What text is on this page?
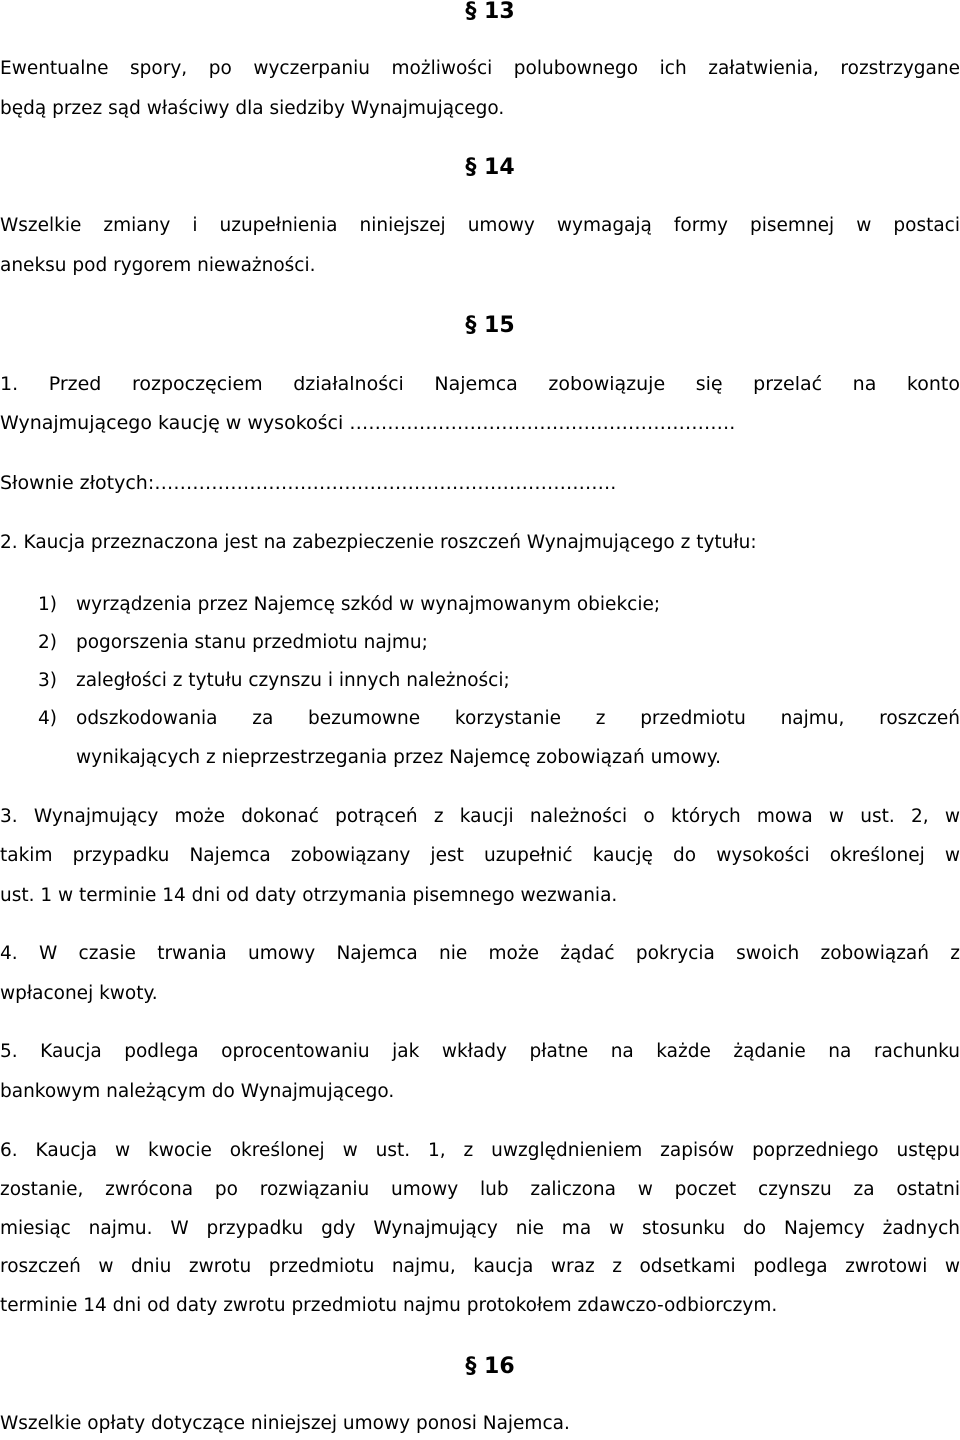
§ 13

Ewentualne spory, po wyczerpaniu możliwości polubownego ich załatwienia, rozstrzygane

będą przez sąd właściwy dla siedziby Wynajmującego.

§ 14

Wszelkie zmiany i uzupełnienia niniejszej umowy wymagają formy pisemnej w postaci

aneksu pod rygorem nieważności.

§ 15

1. Przed rozpoczęciem działalności Najemca zobowiązuje się przelać na konto

Wynajmującego kaucję w wysokości …………………………………………………….

Słownie złotych:……………………………………………………………….

2. Kaucja przeznaczona jest na zabezpieczenie roszczeń Wynajmującego z tytułu:

1) wyrządzenia przez Najemcę szkód w wynajmowanym obiekcie;

2) pogorszenia stanu przedmiotu najmu;

3) zaległości z tytułu czynszu i innych należności;

4) odszkodowania za bezumowne korzystanie z przedmiotu najmu, roszczeń

wynikających z nieprzestrzegania przez Najemcę zobowiązań umowy.

3. Wynajmujący może dokonać potrąceń z kaucji należności o których mowa w ust. 2, w

takim przypadku Najemca zobowiązany jest uzupełnić kaucję do wysokości określonej w

ust. 1 w terminie 14 dni od daty otrzymania pisemnego wezwania.

4. W czasie trwania umowy Najemca nie może żądać pokrycia swoich zobowiązań z

wpłaconej kwoty.

5. Kaucja podlega oprocentowaniu jak wkłady płatne na każde żądanie na rachunku

bankowym należącym do Wynajmującego.

6. Kaucja w kwocie określonej w ust. 1, z uwzględnieniem zapisów poprzedniego ustępu

zostanie, zwrócona po rozwiązaniu umowy lub zaliczona w poczet czynszu za ostatni

miesiąc najmu. W przypadku gdy Wynajmujący nie ma w stosunku do Najemcy żadnych

roszczeń w dniu zwrotu przedmiotu najmu, kaucja wraz z odsetkami podlega zwrotowi w

terminie 14 dni od daty zwrotu przedmiotu najmu protokołem zdawczo-odbiorczym.

§ 16

Wszelkie opłaty dotyczące niniejszej umowy ponosi Najemca.
